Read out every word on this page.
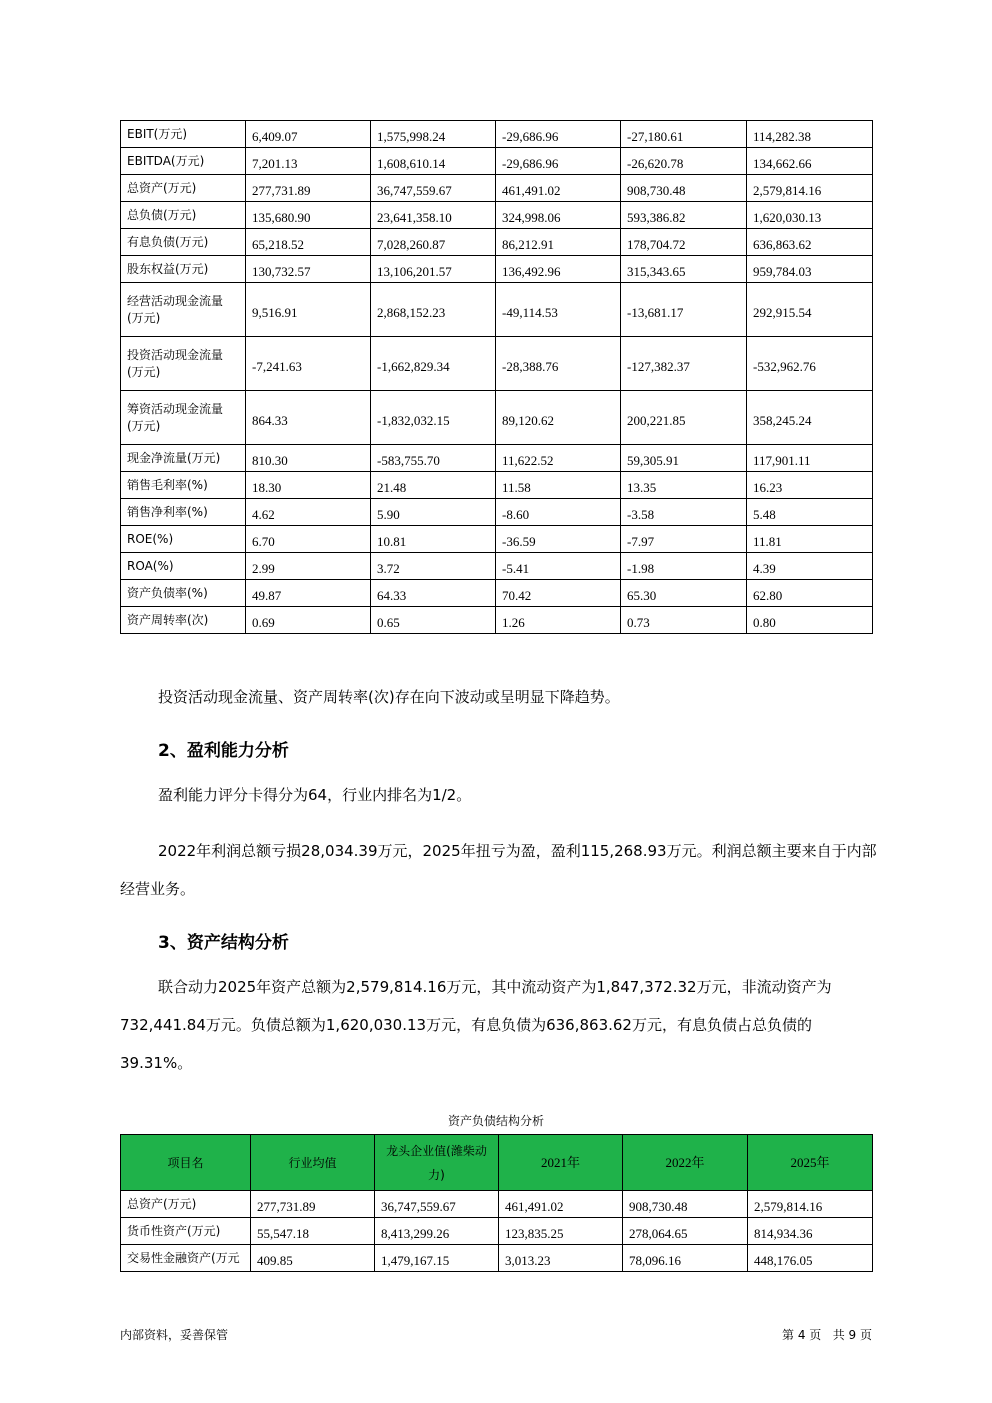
EBIT(万元)	6,409.07	1,575,998.24	-29,686.96	-27,180.61	114,282.38
EBITDA(万元)	7,201.13	1,608,610.14	-29,686.96	-26,620.78	134,662.66
总资产(万元)	277,731.89	36,747,559.67	461,491.02	908,730.48	2,579,814.16
总负债(万元)	135,680.90	23,641,358.10	324,998.06	593,386.82	1,620,030.13
有息负债(万元)	65,218.52	7,028,260.87	86,212.91	178,704.72	636,863.62
股东权益(万元)	130,732.57	13,106,201.57	136,492.96	315,343.65	959,784.03
经营活动现金流量(万元)	9,516.91	2,868,152.23	-49,114.53	-13,681.17	292,915.54
投资活动现金流量(万元)	-7,241.63	-1,662,829.34	-28,388.76	-127,382.37	-532,962.76
筹资活动现金流量(万元)	864.33	-1,832,032.15	89,120.62	200,221.85	358,245.24
现金净流量(万元)	810.30	-583,755.70	11,622.52	59,305.91	117,901.11
销售毛利率(%)	18.30	21.48	11.58	13.35	16.23
销售净利率(%)	4.62	5.90	-8.60	-3.58	5.48
ROE(%)	6.70	10.81	-36.59	-7.97	11.81
ROA(%)	2.99	3.72	-5.41	-1.98	4.39
资产负债率(%)	49.87	64.33	70.42	65.30	62.80
资产周转率(次)	0.69	0.65	1.26	0.73	0.80
投资活动现金流量、资产周转率(次)存在向下波动或呈明显下降趋势。
2、盈利能力分析
盈利能力评分卡得分为64，行业内排名为1/2。
2022年利润总额亏损28,034.39万元，2025年扭亏为盈，盈利115,268.93万元。利润总额主要来自于内部经营业务。
3、资产结构分析
联合动力2025年资产总额为2,579,814.16万元，其中流动资产为1,847,372.32万元，非流动资产为732,441.84万元。负债总额为1,620,030.13万元，有息负债为636,863.62万元，有息负债占总负债的39.31%。
资产负债结构分析
项目名	行业均值	龙头企业值(潍柴动力)	2021年	2022年	2025年
总资产(万元)	277,731.89	36,747,559.67	461,491.02	908,730.48	2,579,814.16
货币性资产(万元)	55,547.18	8,413,299.26	123,835.25	278,064.65	814,934.36
交易性金融资产(万元	409.85	1,479,167.15	3,013.23	78,096.16	448,176.05
内部资料，妥善保管	第 4 页   共 9 页
